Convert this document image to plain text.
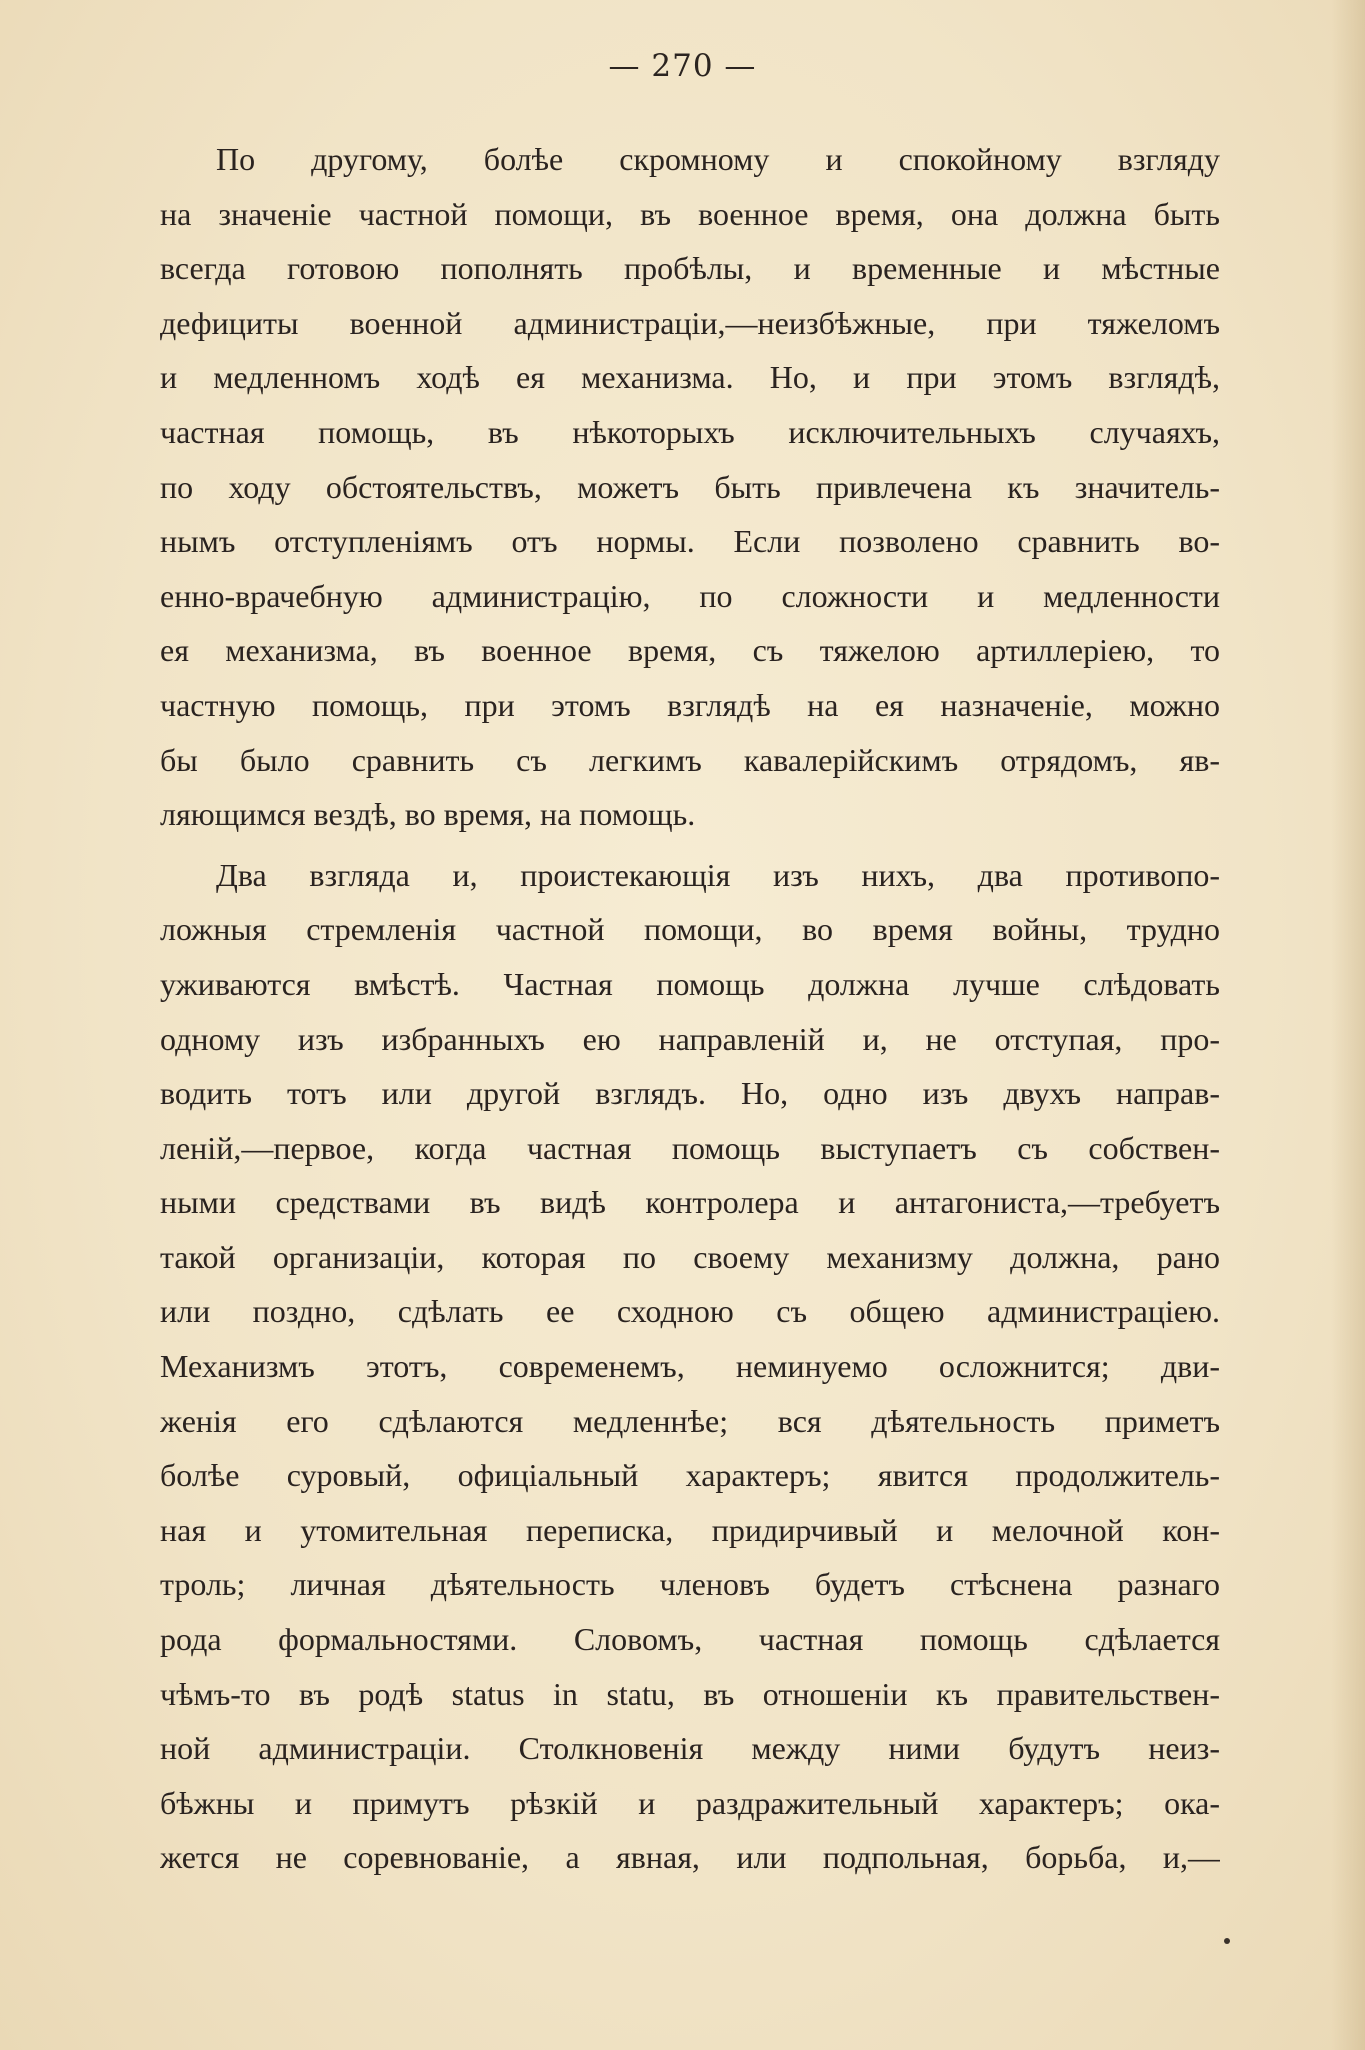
— 270 —
По другому, болѣе скромному и спокойному взгляду
на значеніе частной помощи, въ военное время, она должна быть
всегда готовою пополнять пробѣлы, и временные и мѣстные
дефициты военной администраціи,—неизбѣжные, при тяжеломъ
и медленномъ ходѣ ея механизма. Но, и при этомъ взглядѣ,
частная помощь, въ нѣкоторыхъ исключительныхъ случаяхъ,
по ходу обстоятельствъ, можетъ быть привлечена къ значитель-
нымъ отступленіямъ отъ нормы. Если позволено сравнить во-
енно-врачебную администрацію, по сложности и медленности
ея механизма, въ военное время, съ тяжелою артиллеріею, то
частную помощь, при этомъ взглядѣ на ея назначеніе, можно
бы было сравнить съ легкимъ кавалерійскимъ отрядомъ, яв-
ляющимся вездѣ, во время, на помощь.
Два взгляда и, проистекающія изъ нихъ, два противопо-
ложныя стремленія частной помощи, во время войны, трудно
уживаются вмѣстѣ. Частная помощь должна лучше слѣдовать
одному изъ избранныхъ ею направленій и, не отступая, про-
водить тотъ или другой взглядъ. Но, одно изъ двухъ направ-
леній,—первое, когда частная помощь выступаетъ съ собствен-
ными средствами въ видѣ контролера и антагониста,—требуетъ
такой организаціи, которая по своему механизму должна, рано
или поздно, сдѣлать ее сходною съ общею администраціею.
Механизмъ этотъ, современемъ, неминуемо осложнится; дви-
женія его сдѣлаются медленнѣе; вся дѣятельность приметъ
болѣе суровый, офиціальный характеръ; явится продолжитель-
ная и утомительная переписка, придирчивый и мелочной кон-
троль; личная дѣятельность членовъ будетъ стѣснена разнаго
рода формальностями. Словомъ, частная помощь сдѣлается
чѣмъ-то въ родѣ status in statu, въ отношеніи къ правительствен-
ной администраціи. Столкновенія между ними будутъ неиз-
бѣжны и примутъ рѣзкій и раздражительный характеръ; ока-
жется не соревнованіе, а явная, или подпольная, борьба, и,—
